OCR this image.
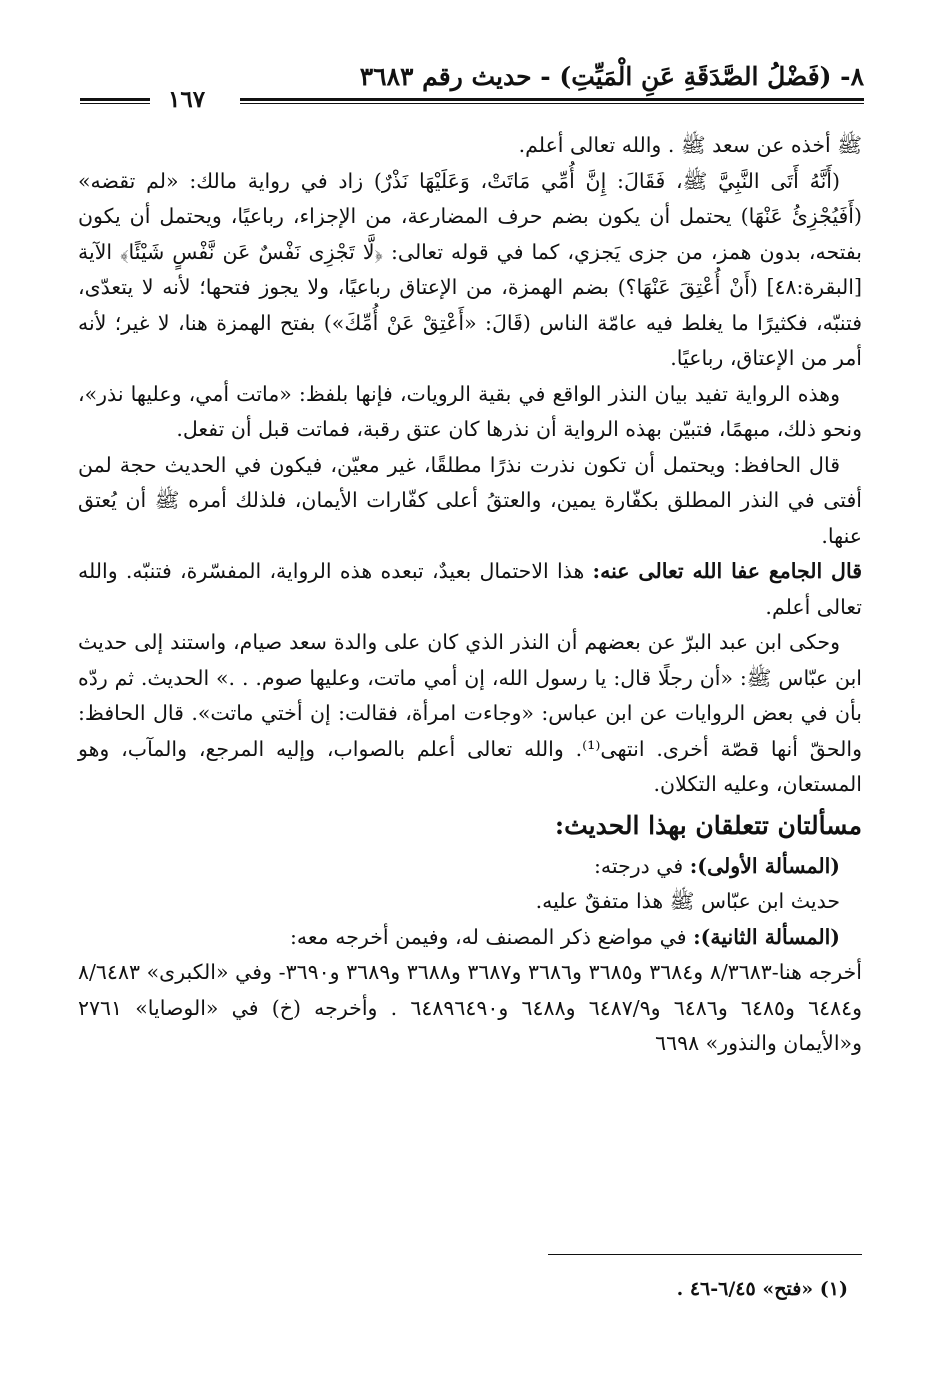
٨- (فَضْلُ الصَّدَقَةِ عَنِ الْمَيِّتِ) - حديث رقم ٣٦٨٣
١٦٧

ﷺ أخذه عن سعد ﷺ . والله تعالى أعلم.

(أَنَّهُ أَتَى النَّبِيَّ ﷺ، فَقَالَ: إِنَّ أُمِّي مَاتَتْ، وَعَلَيْهَا نَذْرٌ) زاد في رواية مالك: «لم تقضه» (أَفَيُجْزِئُ عَنْهَا) يحتمل أن يكون بضم حرف المضارعة، من الإجزاء، رباعيًا، ويحتمل أن يكون بفتحه، بدون همز، من جزى يَجزي، كما في قوله تعالى: ﴿لَّا تَجْزِى نَفْسٌ عَن نَّفْسٍ شَيْئًا﴾ الآية [البقرة:٤٨] (أَنْ أُعْتِقَ عَنْهَا؟) بضم الهمزة، من الإعتاق رباعيًا، ولا يجوز فتحها؛ لأنه لا يتعدّى، فتنبّه، فكثيرًا ما يغلط فيه عامّة الناس (قَالَ: «أَعْتِقْ عَنْ أُمِّكَ») بفتح الهمزة هنا، لا غير؛ لأنه أمر من الإعتاق، رباعيًا.

وهذه الرواية تفيد بيان النذر الواقع في بقية الرويات، فإنها بلفظ: «ماتت أمي، وعليها نذر»، ونحو ذلك، مبهمًا، فتبيّن بهذه الرواية أن نذرها كان عتق رقبة، فماتت قبل أن تفعل.

قال الحافظ: ويحتمل أن تكون نذرت نذرًا مطلقًا، غير معيّن، فيكون في الحديث حجة لمن أفتى في النذر المطلق بكفّارة يمين، والعتقُ أعلى كفّارات الأيمان، فلذلك أمره ﷺ أن يُعتق عنها.

قال الجامع عفا الله تعالى عنه: هذا الاحتمال بعيدٌ، تبعده هذه الرواية، المفسّرة، فتنبّه. والله تعالى أعلم.

وحكى ابن عبد البرّ عن بعضهم أن النذر الذي كان على والدة سعد صيام، واستند إلى حديث ابن عبّاس ﷺ: «أن رجلًا قال: يا رسول الله، إن أمي ماتت، وعليها صوم. . .» الحديث. ثم ردّه بأن في بعض الروايات عن ابن عباس: «وجاءت امرأة، فقالت: إن أختي ماتت». قال الحافظ: والحقّ أنها قصّة أخرى. انتهى⁽¹⁾. والله تعالى أعلم بالصواب، وإليه المرجع، والمآب، وهو المستعان، وعليه التكلان.

مسألتان تتعلقان بهذا الحديث:

(المسألة الأولى): في درجته:

حديث ابن عبّاس ﷺ هذا متفقٌ عليه.

(المسألة الثانية): في مواضع ذكر المصنف له، وفيمن أخرجه معه:

أخرجه هنا-٨/٣٦٨٣ و٣٦٨٤ و٣٦٨٥ و٣٦٨٦ و٣٦٨٧ و٣٦٨٨ و٣٦٨٩ و٣٦٩٠- وفي «الكبرى» ٨/٦٤٨٣ و٦٤٨٤ و٦٤٨٥ و٦٤٨٦ و٦٤٨٧/٩ و٦٤٨٨ و٦٤٨٩٦٤٩٠ . وأخرجه (خ) في «الوصايا» ٢٧٦١ و«الأيمان والنذور» ٦٦٩٨

(١) «فتح» ٦/٤٥-٤٦ .
